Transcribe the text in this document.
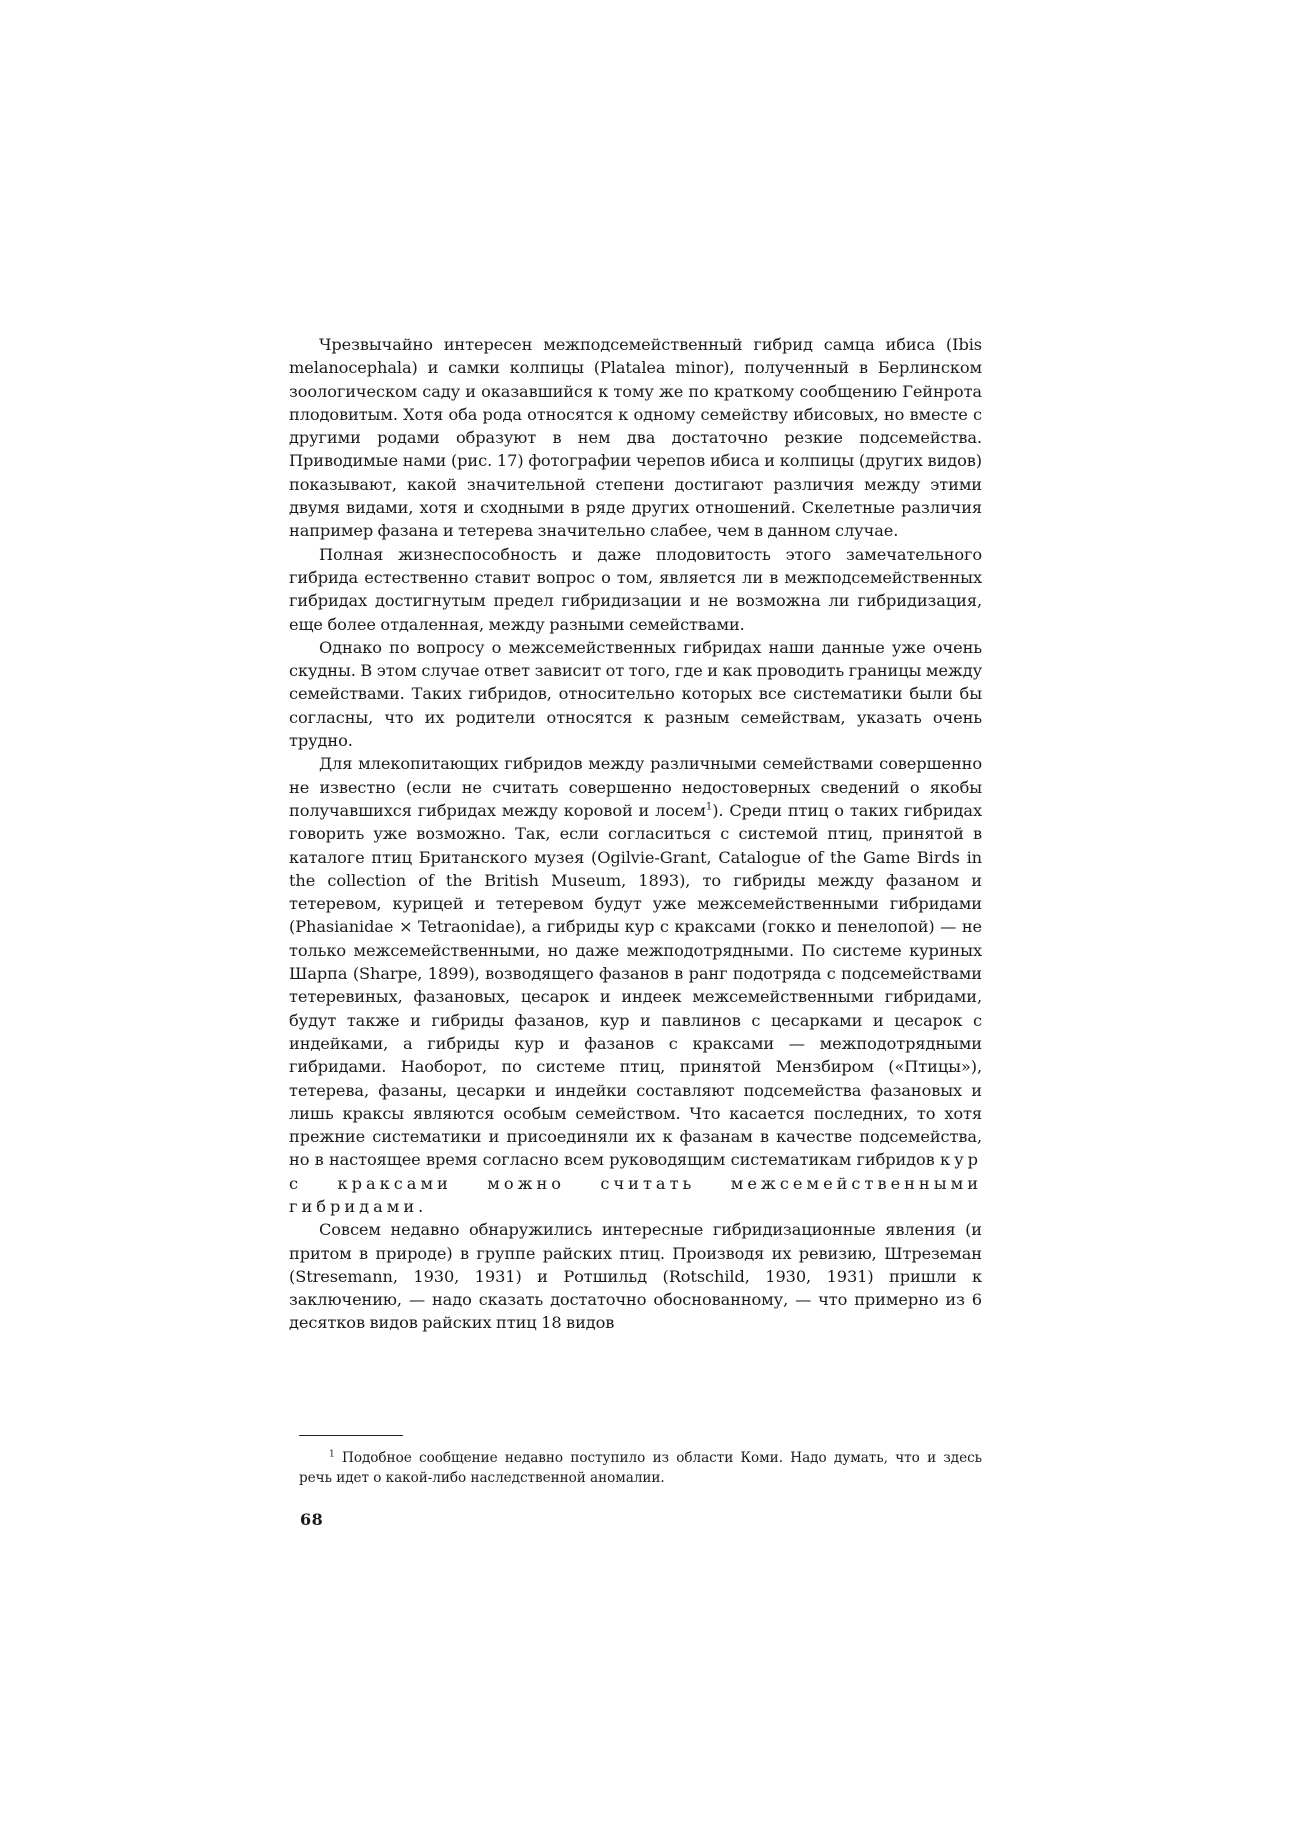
Чрезвычайно интересен межподсемейственный гибрид самца ибиса (Ibis melanocephala) и самки колпицы (Platalea minor), полученный в Берлинском зоологическом саду и оказавшийся к тому же по краткому сообщению Гейнрота плодовитым. Хотя оба рода относятся к одному семейству ибисовых, но вместе с другими родами образуют в нем два достаточно резкие подсемейства. Приводимые нами (рис. 17) фотографии черепов ибиса и колпицы (других видов) показывают, какой значительной степени достигают различия между этими двумя видами, хотя и сходными в ряде других отношений. Скелетные различия например фазана и тетерева значительно слабее, чем в данном случае.

Полная жизнеспособность и даже плодовитость этого замечательного гибрида естественно ставит вопрос о том, является ли в межподсемейственных гибридах достигнутым предел гибридизации и не возможна ли гибридизация, еще более отдаленная, между разными семействами.

Однако по вопросу о межсемейственных гибридах наши данные уже очень скудны. В этом случае ответ зависит от того, где и как проводить границы между семействами. Таких гибридов, относительно которых все систематики были бы согласны, что их родители относятся к разным семействам, указать очень трудно.

Для млекопитающих гибридов между различными семействами совершенно не известно (если не считать совершенно недостоверных сведений о якобы получавшихся гибридах между коровой и лосем$^1$). Среди птиц о таких гибридах говорить уже возможно. Так, если согласиться с системой птиц, принятой в каталоге птиц Британского музея (Ogilvie-Grant, Catalogue of the Game Birds in the collection of the British Museum, 1893), то гибриды между фазаном и тетеревом, курицей и тетеревом будут уже межсемейственными гибридами (Phasianidae × Tetraonidae), а гибриды кур с краксами (гокко и пенелопой) — не только межсемейственными, но даже межподотрядными. По системе куриных Шарпа (Sharpe, 1899), возводящего фазанов в ранг подотряда с подсемействами тетеревиных, фазановых, цесарок и индеек межсемейственными гибридами, будут также и гибриды фазанов, кур и павлинов с цесарками и цесарок с индейками, а гибриды кур и фазанов с краксами — межподотрядными гибридами. Наоборот, по системе птиц, принятой Мензбиром («Птицы»), тетерева, фазаны, цесарки и индейки составляют подсемейства фазановых и лишь краксы являются особым семейством. Что касается последних, то хотя прежние систематики и присоединяли их к фазанам в качестве подсемейства, но в настоящее время согласно всем руководящим систематикам гибридов кур с краксами можно считать межсемейственными гибридами.

Совсем недавно обнаружились интересные гибридизационные явления (и притом в природе) в группе райских птиц. Производя их ревизию, Штреземан (Stresemann, 1930, 1931) и Ротшильд (Rotschild, 1930, 1931) пришли к заключению, — надо сказать достаточно обоснованному, — что примерно из 6 десятков видов райских птиц 18 видов

$^1$ Подобное сообщение недавно поступило из области Коми. Надо думать, что и здесь речь идет о какой-либо наследственной аномалии.

68
